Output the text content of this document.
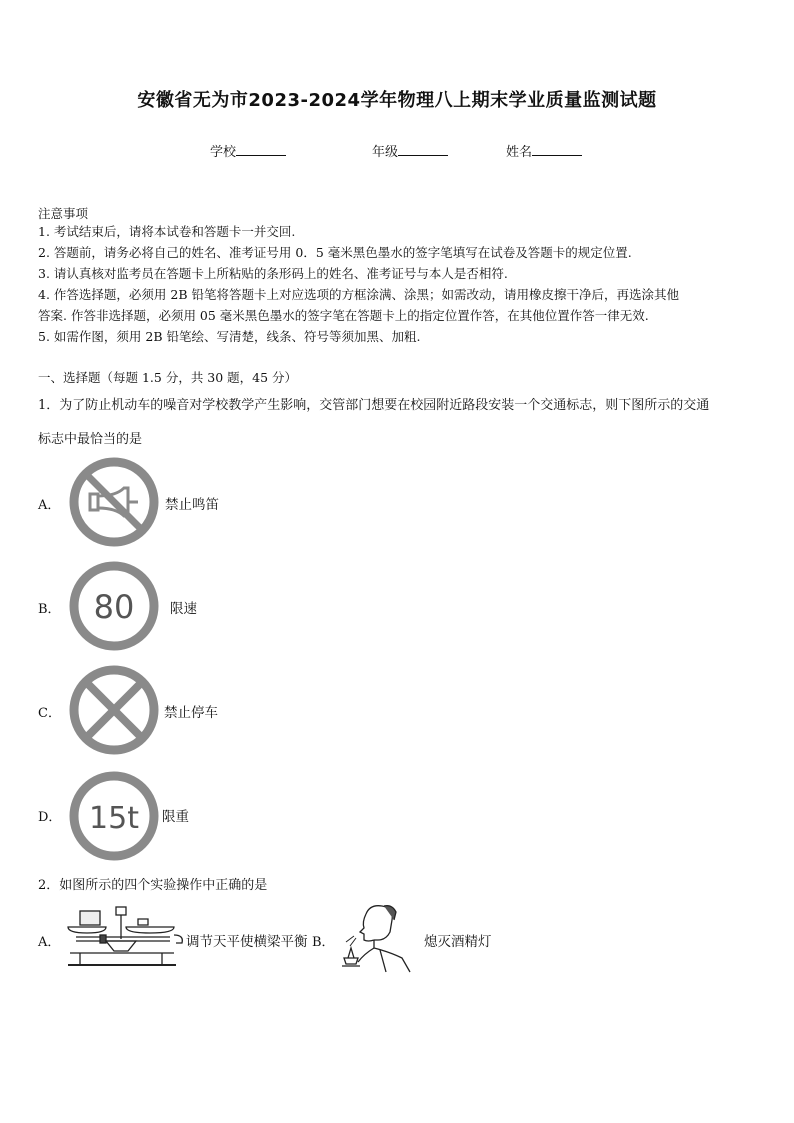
安徽省无为市2023-2024学年物理八上期末学业质量监测试题
学校	年级	姓名
注意事项
1. 考试结束后，请将本试卷和答题卡一并交回.
2. 答题前，请务必将自己的姓名、准考证号用 0．5 毫米黑色墨水的签字笔填写在试卷及答题卡的规定位置.
3. 请认真核对监考员在答题卡上所粘贴的条形码上的姓名、准考证号与本人是否相符.
4. 作答选择题，必须用 2B 铅笔将答题卡上对应选项的方框涂满、涂黑；如需改动，请用橡皮擦干净后，再选涂其他
答案. 作答非选择题，必须用 05 毫米黑色墨水的签字笔在答题卡上的指定位置作答，在其他位置作答一律无效.
5. 如需作图，须用 2B 铅笔绘、写清楚，线条、符号等须加黑、加粗.
一、选择题（每题 1.5 分，共 30 题，45 分）
1．为了防止机动车的噪音对学校教学产生影响，交管部门想要在校园附近路段安装一个交通标志，则下图所示的交通
标志中最恰当的是
A．	禁止鸣笛
B． 80	限速
C．	禁止停车
D． 15t 限重
2．如图所示的四个实验操作中正确的是
A．	调节天平使横梁平衡 B．	熄灭酒精灯
